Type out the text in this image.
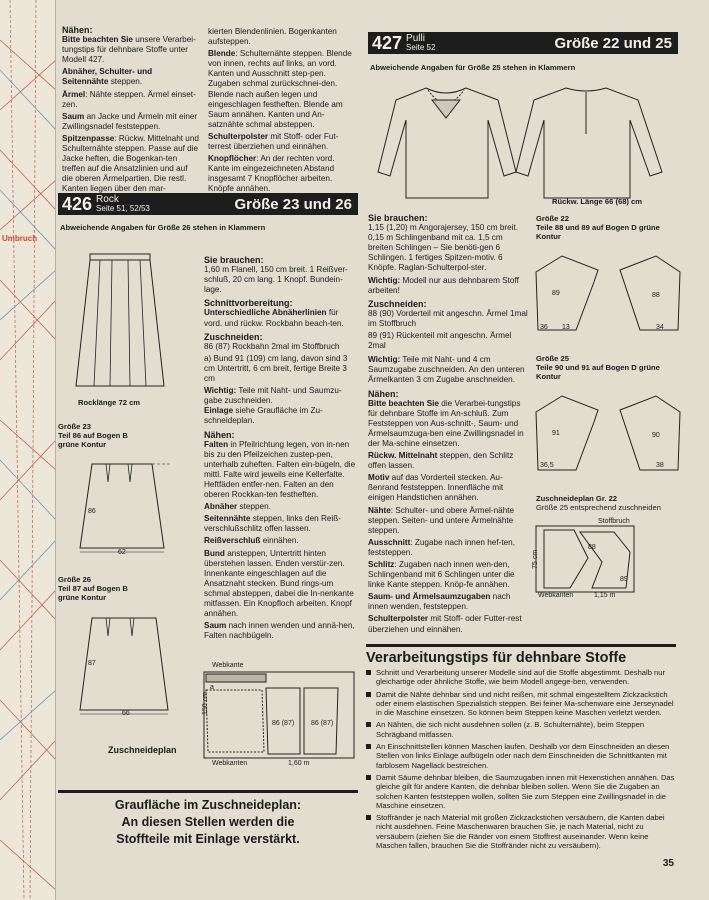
Umbruch
Nähen:

Bitte beachten Sie unsere Verarbei-tungstips für dehnbare Stoffe unter Modell 427.

Abnäher, Schulter- und Seitennähte steppen.

Ärmel: Nähte steppen. Ärmel einset-zen.

Saum an Jacke und Ärmeln mit einer Zwillingsnadel feststeppen.

Spitzenpasse: Rückw. Mittelnaht und Schulternähte steppen. Passe auf die Jacke heften, die Bogenkan-ten treffen auf die Ansatzlinien und auf die oberen Ärmelpartien. Die restl. Kanten liegen über den mar-

kierten Blendenlinien. Bogenkanten aufsteppen.

Blende: Schulternähte steppen. Blende von innen, rechts auf links, an vord. Kanten und Ausschnitt step-pen. Zugaben schmal zurückschnei-den. Blende nach außen legen und eingeschlagen festheften. Blende am Saum annähen. Kanten und An-satznähte schmal absteppen.

Schulterpolster mit Stoff- oder Fut-terrest überziehen und einnähen.

Knopflöcher: An der rechten vord. Kante im eingezeichneten Abstand insgesamt 7 Knopflöcher arbeiten. Knöpfe annähen.

427 Pulli
Seite 52	Größe 22 und 25
Abweichende Angaben für Größe 25 stehen in Klammern
Rückw. Länge 66 (68) cm
426 Rock
Seite 51, 52/53	Größe 23 und 26
Abweichende Angaben für Größe 26 stehen in Klammern
Rocklänge 72 cm
Größe 23
Teil 86 auf Bogen B
grüne Kontur
86
62
Größe 26
Teil 87 auf Bogen B
grüne Kontur
87
66
Sie brauchen:

1,60 m Flanell, 150 cm breit. 1 Reißver-schluß, 20 cm lang. 1 Knopf. Bundein-lage.

Schnittvorbereitung:

Unterschiedliche Abnäherlinien für vord. und rückw. Rockbahn beach-ten.

Zuschneiden:

86 (87) Rockbahn 2mal im Stoffbruch

a) Bund 91 (109) cm lang, davon sind 3 cm Untertritt, 6 cm breit, fertige Breite 3 cm

Wichtig: Teile mit Naht- und Saumzu-gabe zuschneiden.
Einlage siehe Graufläche im Zu-schneideplan.

Nähen:

Falten in Pfeilrichtung legen, von in-nen bis zu den Pfeilzeichen zustep-pen, unterhalb zuheften. Falten ein-bügeln, die mittl. Falte wird jeweils eine Kellerfalte. Heftfäden entfer-nen. Falten an den oberen Rockkan-ten festheften.

Abnäher steppen.

Seitennähte steppen, links den Reiß-verschlußschlitz offen lassen.

Reißverschluß einnähen.

Bund ansteppen, Untertritt hinten überstehen lassen. Enden verstür-zen. Innenkante eingeschlagen auf die Ansatznaht stecken. Bund rings-um schmal absteppen, dabei die In-nenkante mitfassen. Ein Knopfloch arbeiten. Knopf annähen.

Saum nach innen wenden und annä-hen, Falten nachbügeln.

Webkante
150 cm
a
86 (87) 86 (87)
Webkanten	1,60 m
Zuschneideplan
Graufläche im Zuschneideplan:
An diesen Stellen werden die
Stoffteile mit Einlage verstärkt.
Sie brauchen:

1,15 (1,20) m Angorajersey, 150 cm breit. 0,15 m Schlingenband mit ca. 1,5 cm breiten Schlingen – Sie benöti-gen 6 Schlingen. 1 fertiges Spitzen-motiv. 6 Knöpfe. Raglan-Schulterpol-ster.

Wichtig: Modell nur aus dehnbarem Stoff arbeiten!

Zuschneiden:

88 (90) Vorderteil mit angeschn. Ärmel 1mal im Stoffbruch

89 (91) Rückenteil mit angeschn. Ärmel 2mal

Wichtig: Teile mit Naht- und 4 cm Saumzugabe zuschneiden. An den unteren Ärmelkanten 3 cm Zugabe anschneiden.

Nähen:

Bitte beachten Sie die Verarbei-tungstips für dehnbare Stoffe im An-schluß. Zum Feststeppen von Aus-schnitt-, Saum- und Ärmelsaumzuga-ben eine Zwillingsnadel in der Ma-schine einsetzen.

Rückw. Mittelnaht steppen, den Schlitz offen lassen.

Motiv auf das Vorderteil stecken. Au-ßenrand feststeppen. Innenfläche mit einigen Handstichen annähen.

Nähte: Schulter- und obere Ärmel-nähte steppen. Seiten- und untere Ärmelnähte steppen.

Ausschnitt: Zugabe nach innen hef-ten, feststeppen.

Schlitz: Zugaben nach innen wen-den, Schlingenband mit 6 Schlingen unter die linke Kante steppen. Knöp-fe annähen.

Saum- und Ärmelsaumzugaben nach innen wenden, feststeppen.

Schulterpolster mit Stoff- oder Futter-rest überziehen und einnähen.

Größe 22
Teile 88 und 89 auf Bogen D grüne Kontur
89	88
36 13	34
Größe 25
Teile 90 und 91 auf Bogen D grüne Kontur
91	90
36,5	38
Zuschneideplan Gr. 22
Größe 25 entsprechend zuschneiden
Stoffbruch
75 cm
88
89
Webkanten	1,15 m
Verarbeitungstips für dehnbare Stoffe
Schnitt und Verarbeitung unserer Modelle sind auf die Stoffe abgestimmt. Deshalb nur gleichartige oder ähnliche Stoffe, wie beim Modell angege-ben, verwenden.
Damit die Nähte dehnbar sind und nicht reißen, mit schmal eingestelltem Zickzackstich oder einem elastischen Spezialstich steppen. Bei feiner Ma-schenware eine Jerseynadel in die Maschine einsetzen. So können beim Steppen keine Maschen verletzt werden.
An Nähten, die sich nicht ausdehnen sollen (z. B. Schulternähte), beim Steppen Schrägband mitfassen.
An Einschnittstellen können Maschen laufen. Deshalb vor dem Einschneiden an diesen Stellen von links Einlage aufbügeln oder nach dem Einschneiden die Schnittkanten mit farblosem Nagellack bestreichen.
Damit Säume dehnbar bleiben, die Saumzugaben innen mit Hexenstichen annähen. Das gleiche gilt für andere Kanten, die dehnbar bleiben sollen. Wenn Sie die Zugaben an solchen Kanten feststeppen wollen, sollten Sie zum Steppen eine Zwillingsnadel in die Maschine einsetzen.
Stoffränder je nach Material mit großen Zickzackstichen versäubern, die Kanten dabei nicht ausdehnen. Feine Maschenwaren brauchen Sie, je nach Material, nicht zu versäubern (ziehen Sie die Ränder von einem Stoffrest auseinander. Wenn keine Maschen fallen, brauchen Sie die Stoffränder nicht zu versäubern).
35
